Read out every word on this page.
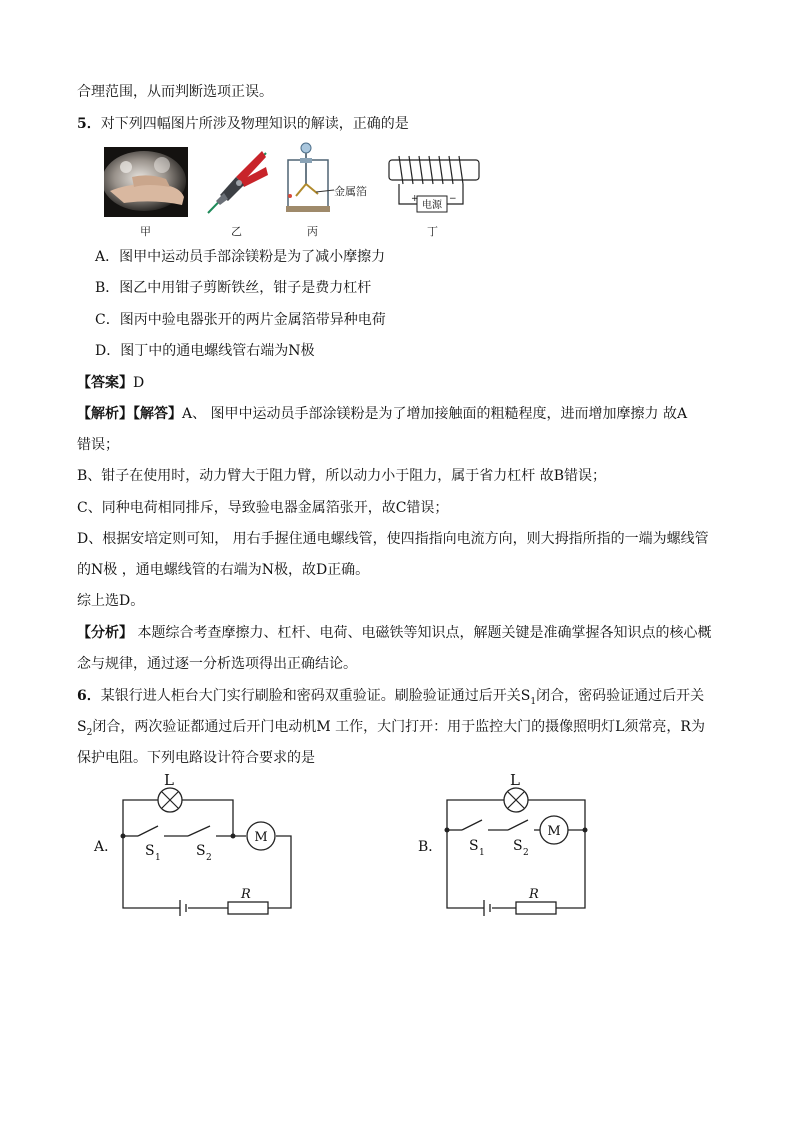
合理范围，从而判断选项正误。
5．对下列四幅图片所涉及物理知识的解读，正确的是
甲	乙
金属箔
丙
电源
+	−
丁
A．图甲中运动员手部涂镁粉是为了减小摩擦力
B．图乙中用钳子剪断铁丝，钳子是费力杠杆
C．图丙中验电器张开的两片金属箔带异种电荷
D．图丁中的通电螺线管右端为N极
【答案】D
【解析】【解答】A、 图甲中运动员手部涂镁粉是为了增加接触面的粗糙程度，进而增加摩擦力 故A
错误；
B、钳子在使用时，动力臂大于阻力臂，所以动力小于阻力，属于省力杠杆 故B错误；
C、同种电荷相同排斥，导致验电器金属箔张开，故C错误；
D、根据安培定则可知， 用右手握住通电螺线管，使四指指向电流方向，则大拇指所指的一端为螺线管
的N极 ，通电螺线管的右端为N极，故D正确。
综上选D。
【分析】 本题综合考查摩擦力、杠杆、电荷、电磁铁等知识点，解题关键是准确掌握各知识点的核心概
念与规律，通过逐一分析选项得出正确结论。
6．某银行进人柜台大门实行刷脸和密码双重验证。刷脸验证通过后开关$S_1$闭合，密码验证通过后开关
$S_2$闭合，两次验证都通过后开门电动机M 工作，大门打开：用于监控大门的摄像照明灯L须常亮，R为
保护电阻。下列电路设计符合要求的是
A．
L
M
S 1	S 2
R
B．
L
M
S 1 S 2
R
